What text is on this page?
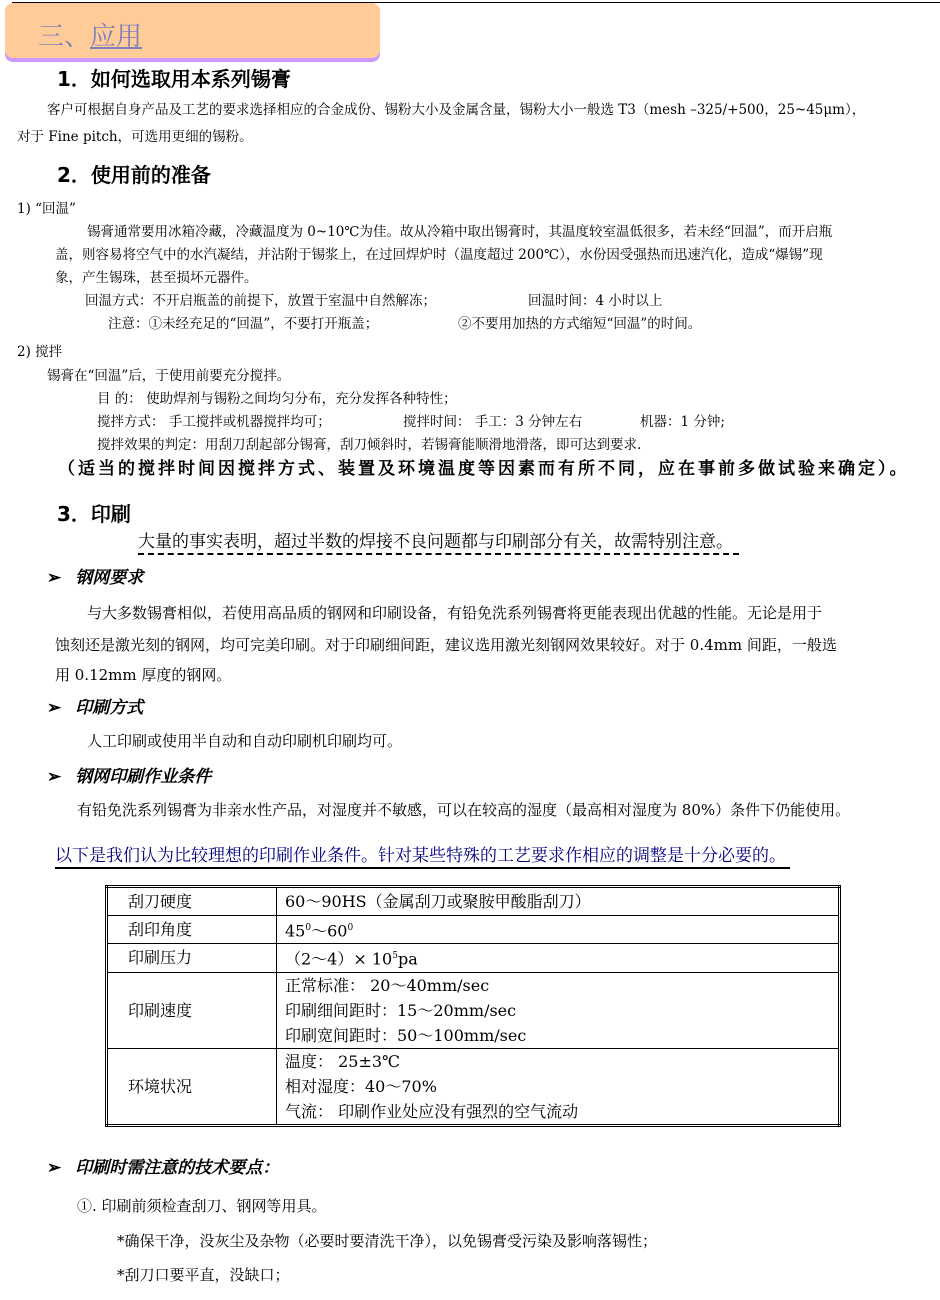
三、应用
1．如何选取用本系列锡膏
客户可根据自身产品及工艺的要求选择相应的合金成份、锡粉大小及金属含量，锡粉大小一般选 T3（mesh –325/+500，25~45μm），
对于 Fine pitch，可选用更细的锡粉。
2．使用前的准备
1) “回温”
锡膏通常要用冰箱冷藏，冷藏温度为 0~10℃为佳。故从冷箱中取出锡膏时，其温度较室温低很多，若未经“回温”，而开启瓶
盖，则容易将空气中的水汽凝结，并沾附于锡浆上，在过回焊炉时（温度超过 200℃），水份因受强热而迅速汽化，造成“爆锡”现
象，产生锡珠，甚至损坏元器件。
回温方式：不开启瓶盖的前提下，放置于室温中自然解冻；	回温时间：4 小时以上
注意：①未经充足的“回温”，不要打开瓶盖；	②不要用加热的方式缩短“回温”的时间。
2) 搅拌
锡膏在“回温”后，于使用前要充分搅拌。
目 的： 使助焊剂与锡粉之间均匀分布，充分发挥各种特性；
搅拌方式： 手工搅拌或机器搅拌均可；	搅拌时间： 手工：3 分钟左右	机器：1 分钟;
搅拌效果的判定：用刮刀刮起部分锡膏，刮刀倾斜时，若锡膏能顺滑地滑落，即可达到要求.
（适当的搅拌时间因搅拌方式、装置及环境温度等因素而有所不同，应在事前多做试验来确定）。
3．印刷
大量的事实表明，超过半数的焊接不良问题都与印刷部分有关，故需特别注意。
➢ 钢网要求
与大多数锡膏相似，若使用高品质的钢网和印刷设备，有铅免洗系列锡膏将更能表现出优越的性能。无论是用于
蚀刻还是激光刻的钢网，均可完美印刷。对于印刷细间距，建议选用激光刻钢网效果较好。对于 0.4mm 间距，一般选
用 0.12mm 厚度的钢网。
➢ 印刷方式
人工印刷或使用半自动和自动印刷机印刷均可。
➢ 钢网印刷作业条件
有铅免洗系列锡膏为非亲水性产品，对湿度并不敏感，可以在较高的湿度（最高相对湿度为 80%）条件下仍能使用。
以下是我们认为比较理想的印刷作业条件。针对某些特殊的工艺要求作相应的调整是十分必要的。
刮刀硬度	60～90HS（金属刮刀或聚胺甲酸脂刮刀）
刮印角度	$45^0\sim 60^0$
印刷压力	（2～4）× $10^5pa$
印刷速度	正常标准： 20～40mm/sec
印刷细间距时：15～20mm/sec
印刷宽间距时：50～100mm/sec

环境状况	温度： 25±3℃
相对湿度：40～70%
气流： 印刷作业处应没有强烈的空气流动
➢ 印刷时需注意的技术要点：
①. 印刷前须检查刮刀、钢网等用具。
*确保干净，没灰尘及杂物（必要时要清洗干净），以免锡膏受污染及影响落锡性；
*刮刀口要平直，没缺口；
